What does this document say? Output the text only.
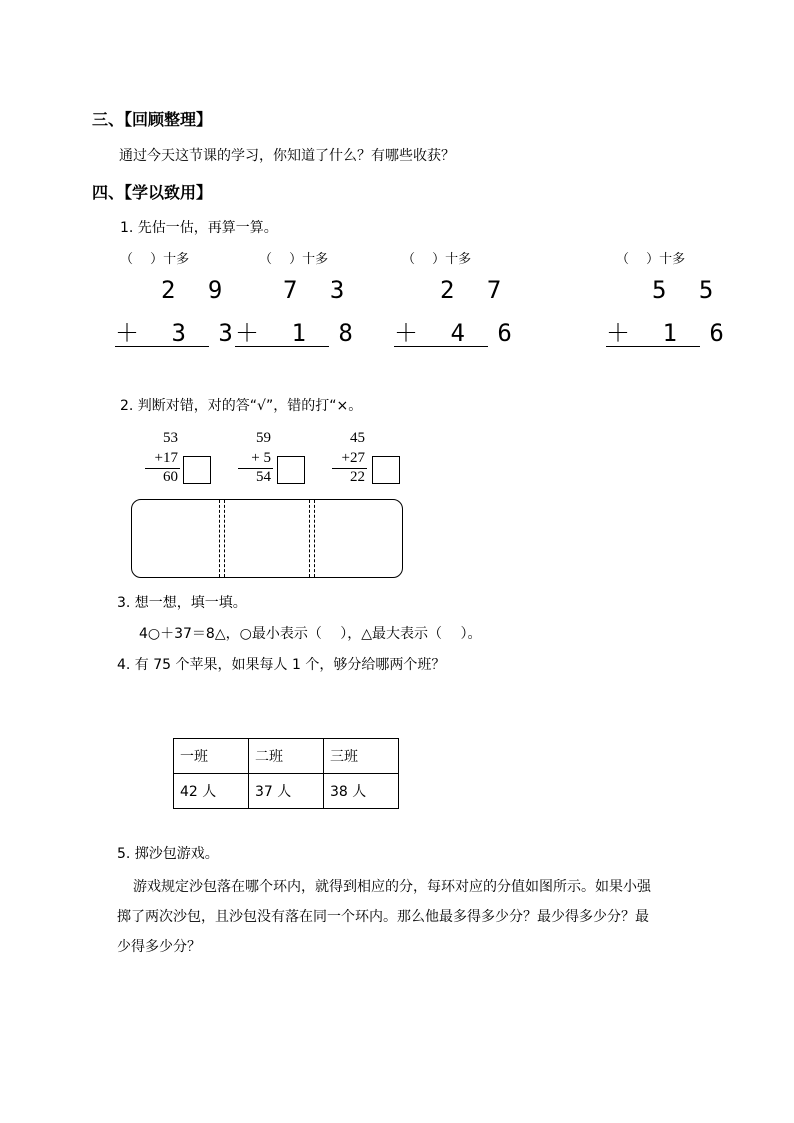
三、【回顾整理】
通过今天这节课的学习，你知道了什么？有哪些收获？
四、【学以致用】
1. 先估一估，再算一算。
（　 ）十多
2 9
＋ 3 3
（　 ）十多
7 3
＋ 1 8
（　 ）十多
2 7
＋ 4 6
（　 ）十多
5 5
＋ 1 6
2. 判断对错，对的答“√”，错的打“×。
53
+17
60
59
+ 5
54
45
+27
22
3. 想一想，填一填。
4○＋37＝8△，○最小表示（　 ），△最大表示（　 ）。
4. 有 75 个苹果，如果每人 1 个，够分给哪两个班？
一班	二班	三班
42 人	37 人	38 人
5. 掷沙包游戏。
游戏规定沙包落在哪个环内，就得到相应的分，每环对应的分值如图所示。如果小强
掷了两次沙包，且沙包没有落在同一个环内。那么他最多得多少分？最少得多少分？最
少得多少分？
